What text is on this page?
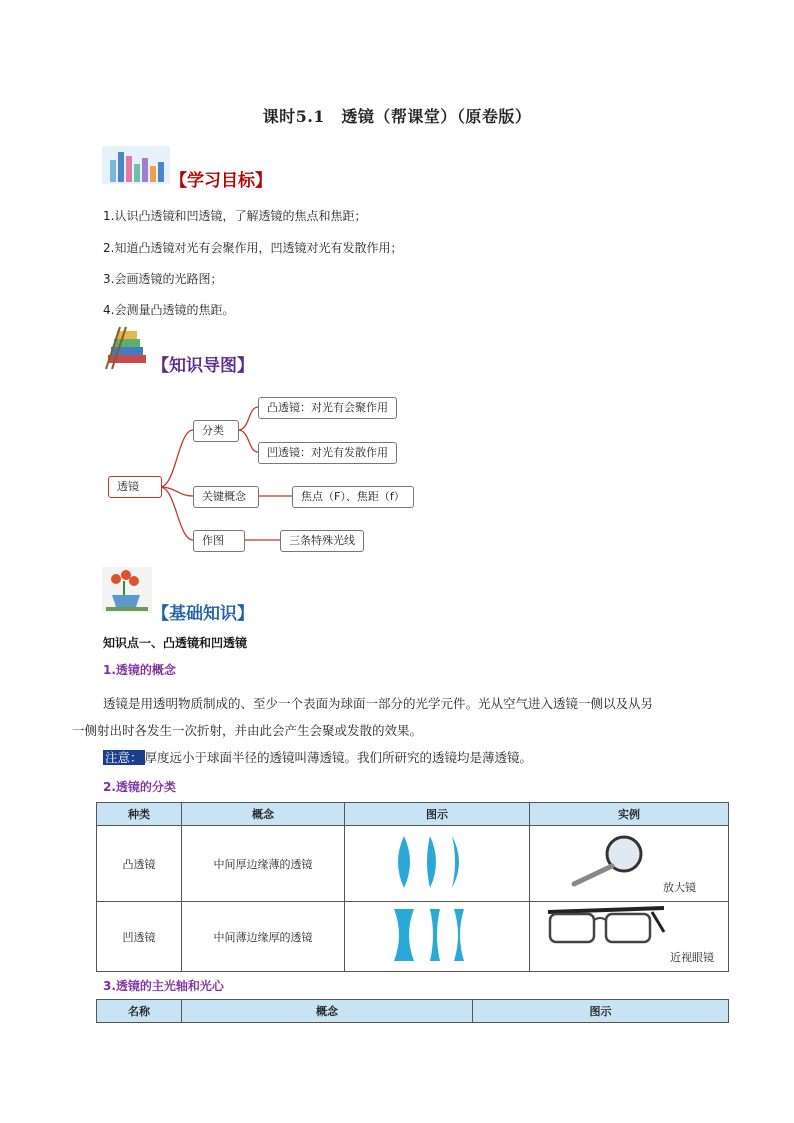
课时5.1　透镜（帮课堂）（原卷版）
【学习目标】
1.认识凸透镜和凹透镜，了解透镜的焦点和焦距；
2.知道凸透镜对光有会聚作用，凹透镜对光有发散作用；
3.会画透镜的光路图；
4.会测量凸透镜的焦距。
【知识导图】
透镜
分类
关键概念
作图
凸透镜：对光有会聚作用
凹透镜：对光有发散作用
焦点（F）、焦距（f）
三条特殊光线
【基础知识】
知识点一、凸透镜和凹透镜
1.透镜的概念
透镜是用透明物质制成的、至少一个表面为球面一部分的光学元件。光从空气进入透镜一侧以及从另
一侧射出时各发生一次折射，并由此会产生会聚或发散的效果。
注意： 厚度远小于球面半径的透镜叫薄透镜。我们所研究的透镜均是薄透镜。
2.透镜的分类
种类	概念	图示	实例
凸透镜	中间厚边缘薄的透镜		放大镜

凹透镜	中间薄边缘厚的透镜		近视眼镜
3.透镜的主光轴和光心
名称	概念	图示
